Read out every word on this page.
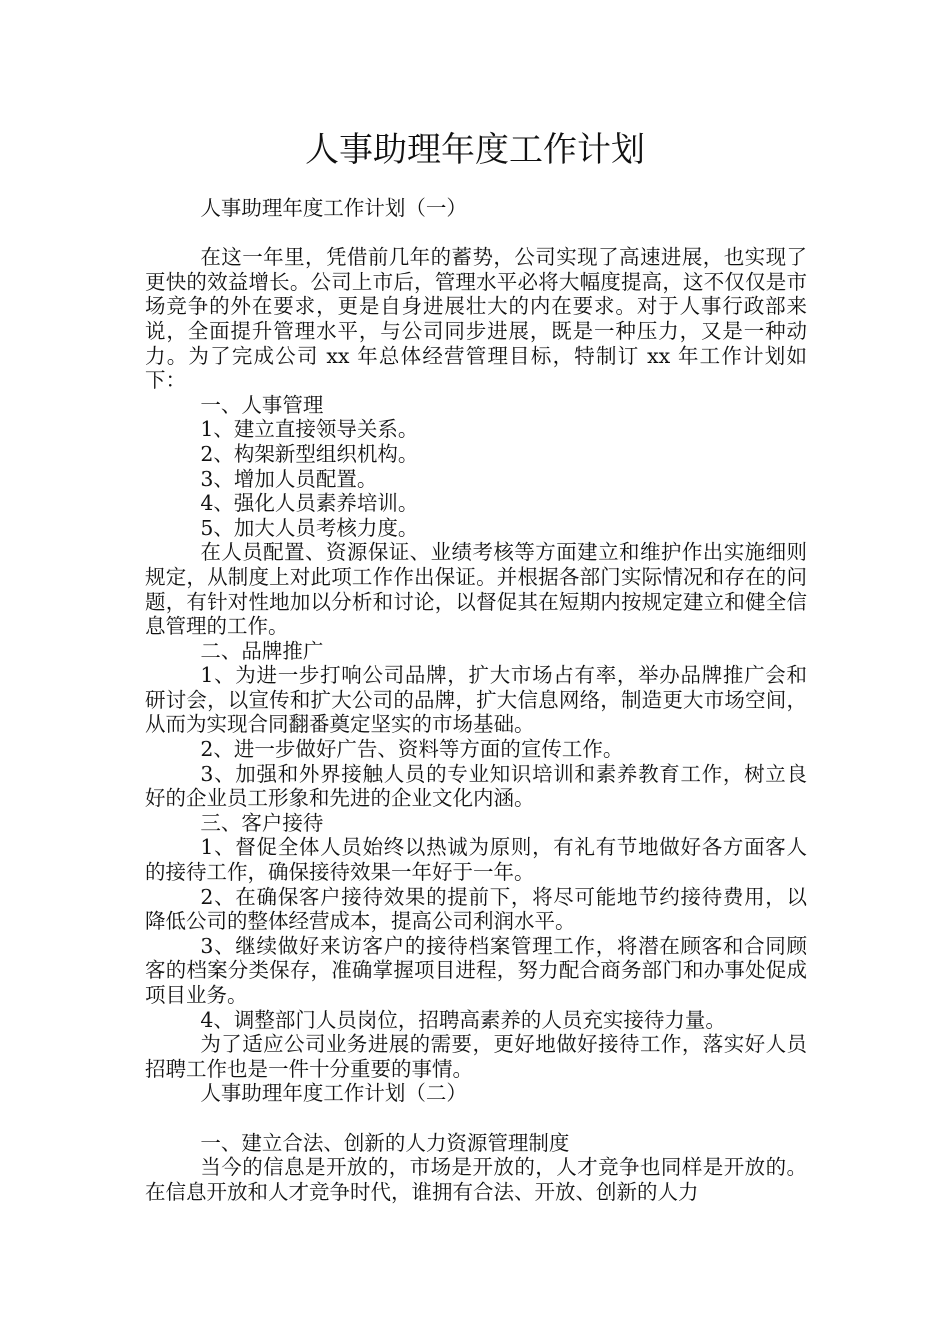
人事助理年度工作计划
人事助理年度工作计划（一）

在这一年里，凭借前几年的蓄势，公司实现了高速进展，也实现了更快的效益增长。公司上市后，管理水平必将大幅度提高，这不仅仅是市场竞争的外在要求，更是自身进展壮大的内在要求。对于人事行政部来说，全面提升管理水平，与公司同步进展，既是一种压力，又是一种动力。为了完成公司 xx 年总体经营管理目标，特制订 xx 年工作计划如下：

一、人事管理

1、建立直接领导关系。

2、构架新型组织机构。

3、增加人员配置。

4、强化人员素养培训。

5、加大人员考核力度。

在人员配置、资源保证、业绩考核等方面建立和维护作出实施细则规定，从制度上对此项工作作出保证。并根据各部门实际情况和存在的问题，有针对性地加以分析和讨论，以督促其在短期内按规定建立和健全信息管理的工作。

二、品牌推广

1、为进一步打响公司品牌，扩大市场占有率，举办品牌推广会和研讨会，以宣传和扩大公司的品牌，扩大信息网络，制造更大市场空间，从而为实现合同翻番奠定坚实的市场基础。

2、进一步做好广告、资料等方面的宣传工作。

3、加强和外界接触人员的专业知识培训和素养教育工作，树立良好的企业员工形象和先进的企业文化内涵。

三、客户接待

1、督促全体人员始终以热诚为原则，有礼有节地做好各方面客人的接待工作，确保接待效果一年好于一年。

2、在确保客户接待效果的提前下，将尽可能地节约接待费用，以降低公司的整体经营成本，提高公司利润水平。

3、继续做好来访客户的接待档案管理工作，将潜在顾客和合同顾客的档案分类保存，准确掌握项目进程，努力配合商务部门和办事处促成项目业务。

4、调整部门人员岗位，招聘高素养的人员充实接待力量。

为了适应公司业务进展的需要，更好地做好接待工作，落实好人员招聘工作也是一件十分重要的事情。

人事助理年度工作计划（二）

一、建立合法、创新的人力资源管理制度

当今的信息是开放的，市场是开放的，人才竞争也同样是开放的。在信息开放和人才竞争时代，谁拥有合法、开放、创新的人力
